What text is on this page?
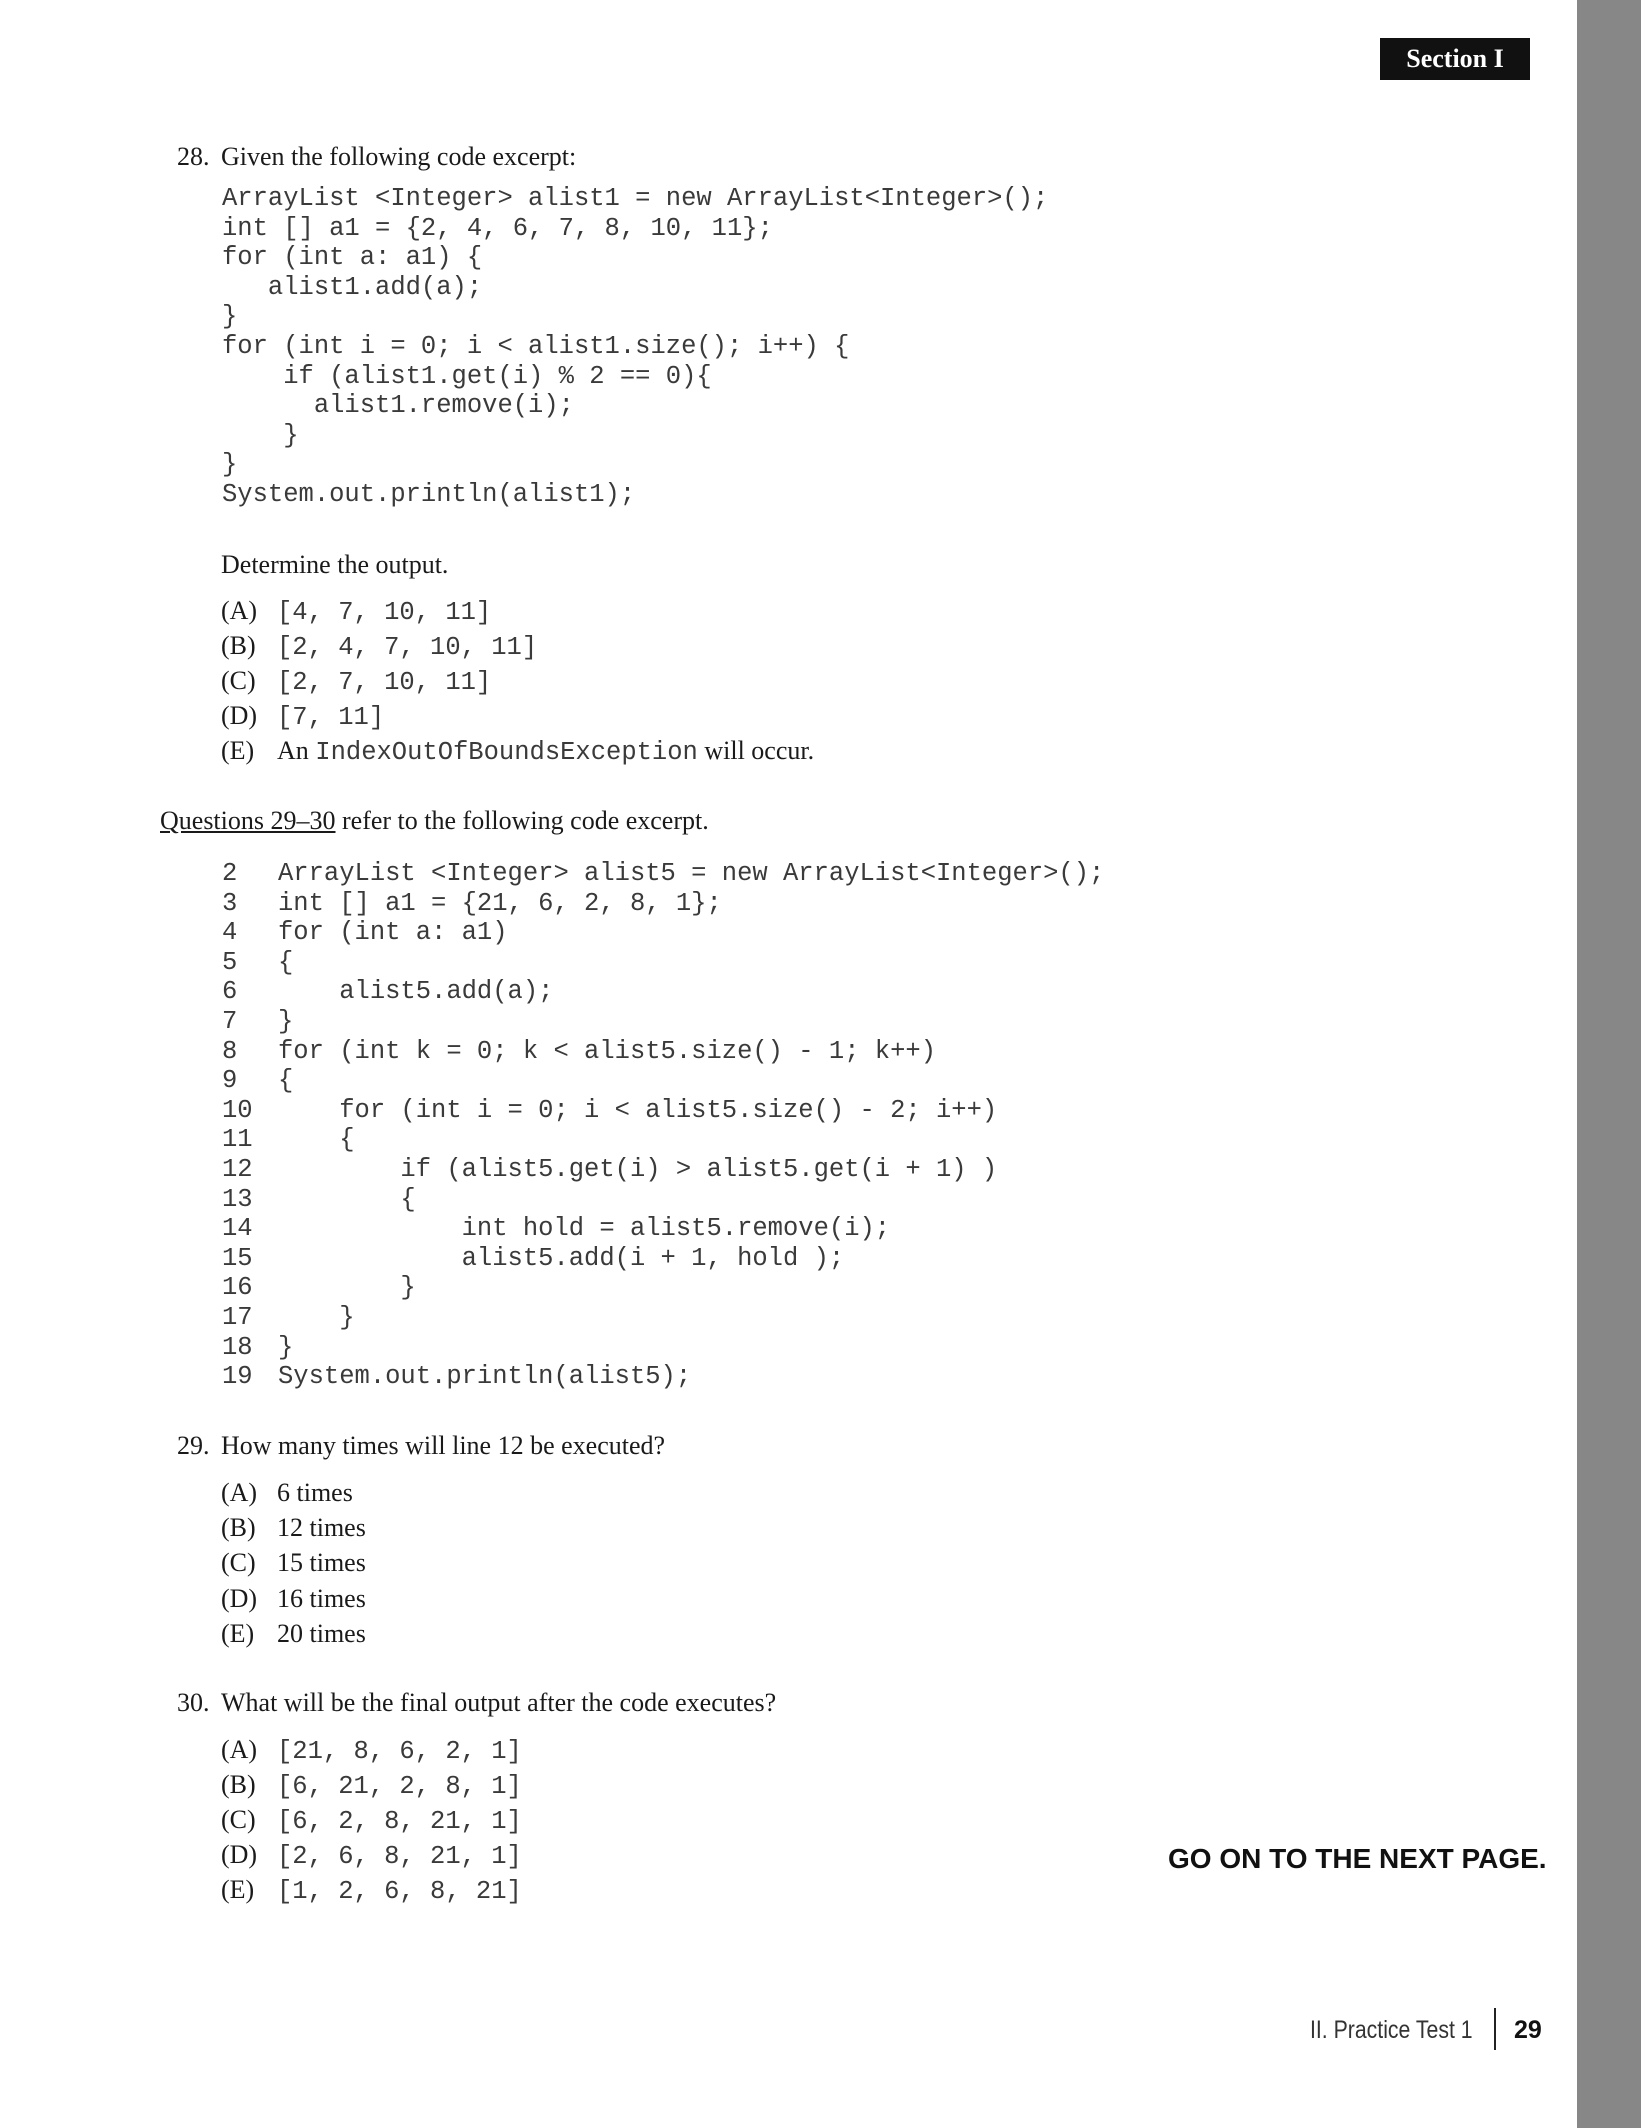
Section I
28. Given the following code excerpt:
ArrayList <Integer> alist1 = new ArrayList<Integer>();
int [] a1 = {2, 4, 6, 7, 8, 10, 11};
for (int a: a1) {
alist1.add(a);
}
for (int i = 0; i < alist1.size(); i++) {
if (alist1.get(i) % 2 == 0){
alist1.remove(i);
}
}
System.out.println(alist1);
Determine the output.
(A) [4, 7, 10, 11]
(B) [2, 4, 7, 10, 11]
(C) [2, 7, 10, 11]
(D) [7, 11]
(E) An
IndexOutOfBoundsException
will occur.
Questions 29–30 refer to the following code excerpt.
2
3
4
5
6
7
8
9
10
11
12
13
14
15
16
17
18
19
ArrayList <Integer> alist5 = new ArrayList<Integer>();
int [] a1 = {21, 6, 2, 8, 1};
for (int a: a1)
{
alist5.add(a);
}
for (int k = 0; k < alist5.size() - 1; k++)
{
for (int i = 0; i < alist5.size() - 2; i++)
{
if (alist5.get(i) > alist5.get(i + 1) )
{
int hold = alist5.remove(i);
alist5.add(i + 1, hold );
}
}
}
System.out.println(alist5);
29. How many times will line 12 be executed?
(A) 6 times
(B) 12 times
(C) 15 times
(D) 16 times
(E) 20 times
30. What will be the final output after the code executes?
(A) [21, 8, 6, 2, 1]
(B) [6, 21, 2, 8, 1]
(C) [6, 2, 8, 21, 1]
(D) [2, 6, 8, 21, 1]
(E) [1, 2, 6, 8, 21]
GO ON TO THE NEXT PAGE.
II. Practice Test 1 29
